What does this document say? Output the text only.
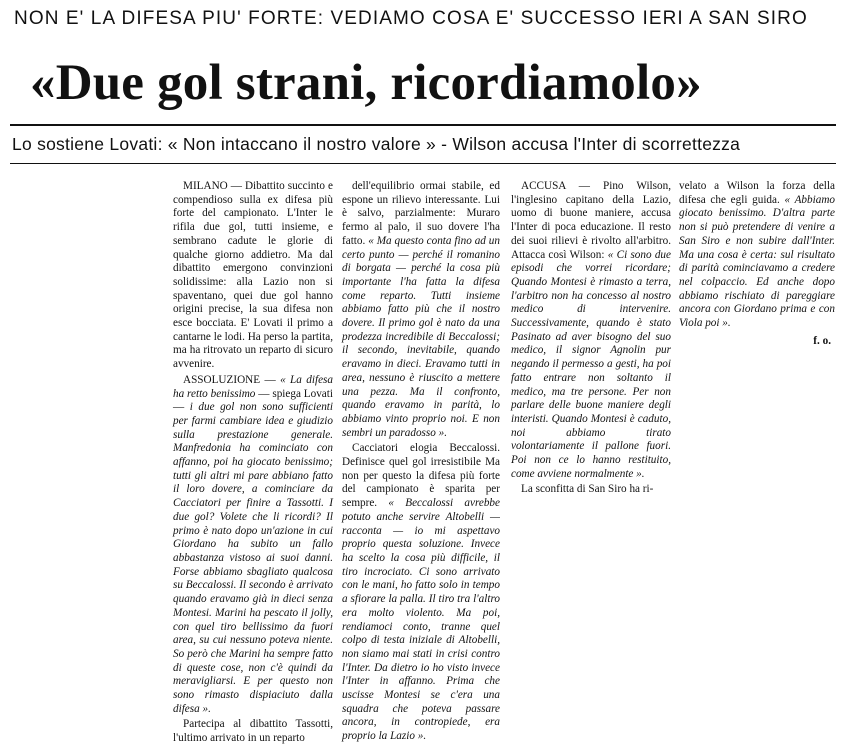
NON E' LA DIFESA PIU' FORTE: VEDIAMO COSA E' SUCCESSO IERI A SAN SIRO
«Due gol strani, ricordiamolo»
Lo sostiene Lovati: « Non intaccano il nostro valore » - Wilson accusa l'Inter di scorrettezza

MILANO — Dibattito succinto e compendioso sulla ex difesa più forte del campionato. L'Inter le rifila due gol, tutti insieme, e sembrano cadute le glorie di qualche giorno addietro. Ma dal dibattito emergono convinzioni solidissime: alla Lazio non si spaventano, quei due gol hanno origini precise, la sua difesa non esce bocciata. E' Lovati il primo a cantarne le lodi. Ha perso la partita, ma ha ritrovato un reparto di sicuro avvenire.

ASSOLUZIONE — « La difesa ha retto benissimo — spiega Lovati — i due gol non sono sufficienti per farmi cambiare idea e giudizio sulla prestazione generale. Manfredonia ha cominciato con affanno, poi ha giocato benissimo; tutti gli altri mi pare abbiano fatto il loro dovere, a cominciare da Cacciatori per finire a Tassotti. I due gol? Volete che li ricordi? Il primo è nato dopo un'azione in cui Giordano ha subito un fallo abbastanza vistoso ai suoi danni. Forse abbiamo sbagliato qualcosa su Beccalossi. Il secondo è arrivato quando eravamo già in dieci senza Montesi. Marini ha pescato il jolly, con quel tiro bellissimo da fuori area, su cui nessuno poteva niente. So però che Marini ha sempre fatto di queste cose, non c'è quindi da meravigliarsi. E per questo non sono rimasto dispiaciuto dalla difesa ».

Partecipa al dibattito Tassotti, l'ultimo arrivato in un reparto

dell'equilibrio ormai stabile, ed espone un rilievo interessante. Lui è salvo, parzialmente: Muraro fermo al palo, il suo dovere l'ha fatto. « Ma questo conta fino ad un certo punto — perché il romanino di borgata — perché la cosa più importante l'ha fatta la difesa come reparto. Tutti insieme abbiamo fatto più che il nostro dovere. Il primo gol è nato da una prodezza incredibile di Beccalossi; il secondo, inevitabile, quando eravamo in dieci. Eravamo tutti in area, nessuno è riuscito a mettere una pezza. Ma il confronto, quando eravamo in parità, lo abbiamo vinto proprio noi. E non sembri un paradosso ».

Cacciatori elogia Beccalossi. Definisce quel gol irresistibile Ma non per questo la difesa più forte del campionato è sparita per sempre. « Beccalossi avrebbe potuto anche servire Altobelli — racconta — io mi aspettavo proprio questa soluzione. Invece ha scelto la cosa più difficile, il tiro incrociato. Ci sono arrivato con le mani, ho fatto solo in tempo a sfiorare la palla. Il tiro tra l'altro era molto violento. Ma poi, rendiamoci conto, tranne quel colpo di testa iniziale di Altobelli, non siamo mai stati in crisi contro l'Inter. Da dietro io ho visto invece l'Inter in affanno. Prima che uscisse Montesi se c'era una squadra che poteva passare ancora, in contropiede, era proprio la Lazio ».

ACCUSA — Pino Wilson, l'inglesino capitano della Lazio, uomo di buone maniere, accusa l'Inter di poca educazione. Il resto dei suoi rilievi è rivolto all'arbitro. Attacca così Wilson: « Ci sono due episodi che vorrei ricordare; Quando Montesi è rimasto a terra, l'arbitro non ha concesso al nostro medico di intervenire. Successivamente, quando è stato Pasinato ad aver bisogno del suo medico, il signor Agnolin pur negando il permesso a gesti, ha poi fatto entrare non soltanto il medico, ma tre persone. Per non parlare delle buone maniere degli interisti. Quando Montesi è caduto, noi abbiamo tirato volontariamente il pallone fuori. Poi non ce lo hanno restituito, come avviene normalmente ».

La sconfitta di San Siro ha ri-

velato a Wilson la forza della difesa che egli guida. « Abbiamo giocato benissimo. D'altra parte non si può pretendere di venire a San Siro e non subire dall'Inter. Ma una cosa è certa: sul risultato di parità cominciavamo a credere nel colpaccio. Ed anche dopo abbiamo rischiato di pareggiare ancora con Giordano prima e con Viola poi ».

f. o.
